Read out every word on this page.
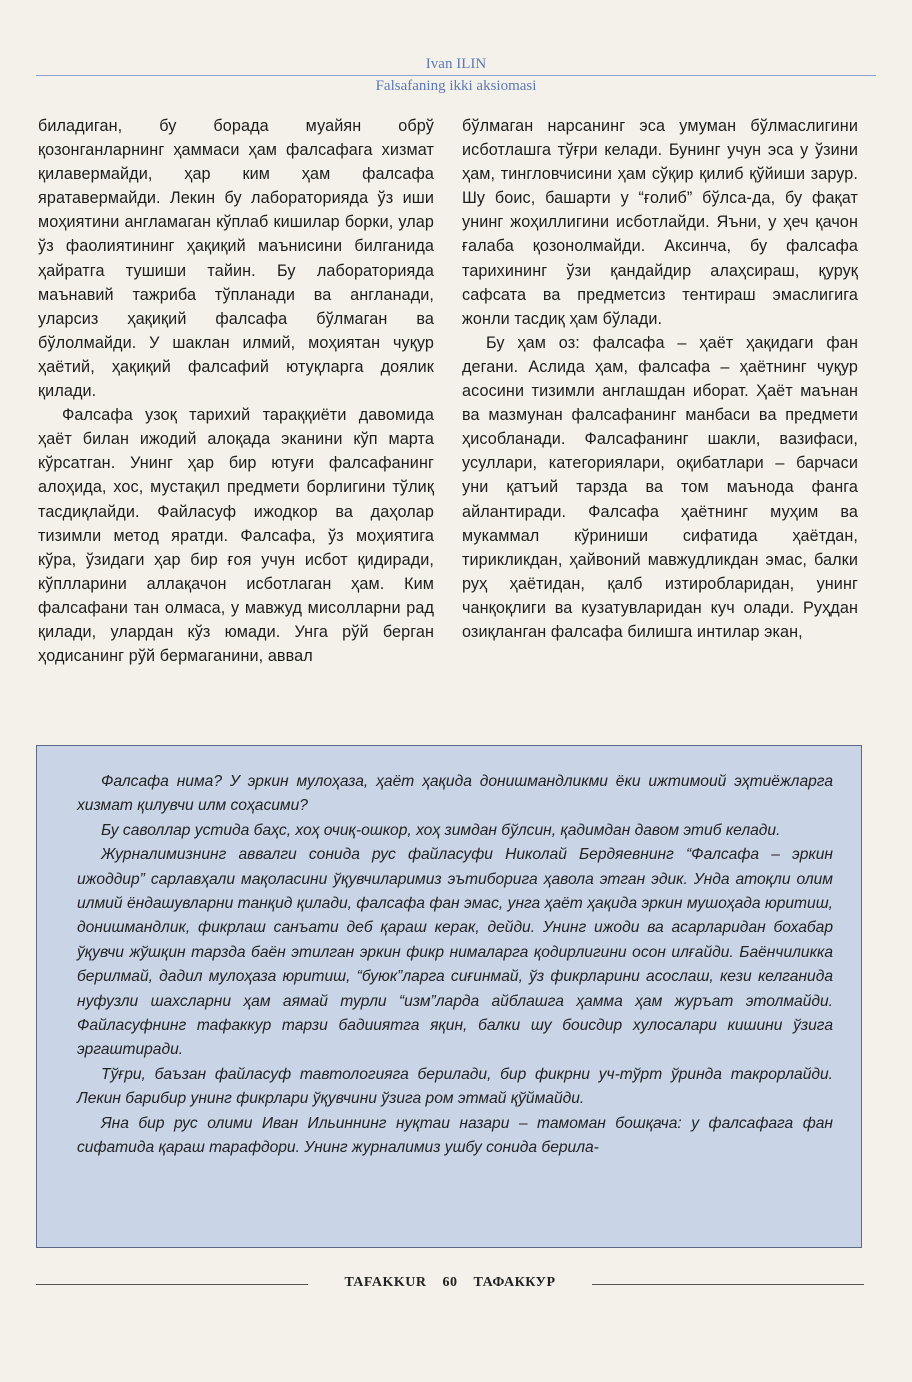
Ivan ILIN
Falsafaning ikki aksiomasi

биладиган, бу борада муайян обрў қозонганларнинг ҳаммаси ҳам фалсафага хизмат қилавермайди, ҳар ким ҳам фалсафа яратавермайди. Лекин бу лабораторияда ўз иши моҳиятини англамаган кўплаб кишилар борки, улар ўз фаолиятининг ҳақиқий маънисини билганида ҳайратга тушиши тайин. Бу лабораторияда маънавий тажриба тўпланади ва англанади, уларсиз ҳақиқий фалсафа бўлмаган ва бўлолмайди. У шаклан илмий, моҳиятан чуқур ҳаётий, ҳақиқий фалсафий ютуқларга доялик қилади.

Фалсафа узоқ тарихий тараққиёти давомида ҳаёт билан ижодий алоқада эканини кўп марта кўрсатган. Унинг ҳар бир ютуғи фалсафанинг алоҳида, хос, мустақил предмети борлигини тўлиқ тасдиқлайди. Файласуф ижодкор ва даҳолар тизимли метод яратди. Фалсафа, ўз моҳиятига кўра, ўзидаги ҳар бир ғоя учун исбот қидиради, кўплларини аллақачон исботлаган ҳам. Ким фалсафани тан олмаса, у мавжуд мисолларни рад қилади, улардан кўз юмади. Унга рўй берган ҳодисанинг рўй бермаганини, аввал

бўлмаган нарсанинг эса умуман бўлмаслигини исботлашга тўғри келади. Бунинг учун эса у ўзини ҳам, тингловчисини ҳам сўқир қилиб қўйиши зарур. Шу боис, башарти у “ғолиб” бўлса-да, бу фақат унинг жоҳиллигини исботлайди. Яъни, у ҳеч қачон ғалаба қозонолмайди. Аксинча, бу фалсафа тарихининг ўзи қандайдир алаҳсираш, қуруқ сафсата ва предметсиз тентираш эмаслигига жонли тасдиқ ҳам бўлади.

Бу ҳам оз: фалсафа – ҳаёт ҳақидаги фан дегани. Аслида ҳам, фалсафа – ҳаётнинг чуқур асосини тизимли англашдан иборат. Ҳаёт маънан ва мазмунан фалсафанинг манбаси ва предмети ҳисобланади. Фалсафанинг шакли, вазифаси, усуллари, категориялари, оқибатлари – барчаси уни қатъий тарзда ва том маънода фанга айлантиради. Фалсафа ҳаётнинг муҳим ва мукаммал кўриниши сифатида ҳаётдан, тирикликдан, ҳайвоний мавжудликдан эмас, балки руҳ ҳаётидан, қалб изтиробларидан, унинг чанқоқлиги ва кузатувларидан куч олади. Руҳдан озиқланган фалсафа билишга интилар экан,

Фалсафа нима? У эркин мулоҳаза, ҳаёт ҳақида донишмандликми ёки ижтимоий эҳтиёжларга хизмат қилувчи илм соҳасими?

Бу саволлар устида баҳс, хоҳ очиқ-ошкор, хоҳ зимдан бўлсин, қадимдан давом этиб келади.

Журналимизнинг аввалги сонида рус файласуфи Николай Бердяевнинг “Фалсафа – эркин ижоддир” сарлавҳали мақоласини ўқувчиларимиз эътиборига ҳавола этган эдик. Унда атоқли олим илмий ёндашувларни танқид қилади, фалсафа фан эмас, унга ҳаёт ҳақида эркин мушоҳада юритиш, донишмандлик, фикрлаш санъати деб қараш керак, дейди. Унинг ижоди ва асарларидан бохабар ўқувчи жўшқин тарзда баён этилган эркин фикр нималарга қодирлигини осон илғайди. Баёнчиликка берилмай, дадил мулоҳаза юритиш, “буюк”ларга сиғинмай, ўз фикрларини асослаш, кези келганида нуфузли шахсларни ҳам аямай турли “изм”ларда айблашга ҳамма ҳам журъат этолмайди. Файласуфнинг тафаккур тарзи бадииятга яқин, балки шу боисдир хулосалари кишини ўзига эргаштиради.

Тўғри, баъзан файласуф тавтологияга берилади, бир фикрни уч-тўрт ўринда такрорлайди. Лекин барибир унинг фикрлари ўқувчини ўзига ром этмай қўймайди.

Яна бир рус олими Иван Ильиннинг нуқтаи назари – тамоман бошқача: у фалсафага фан сифатида қараш тарафдори. Унинг журналимиз ушбу сонида берила-

TAFAKKUR 60 ТАФАККУР
